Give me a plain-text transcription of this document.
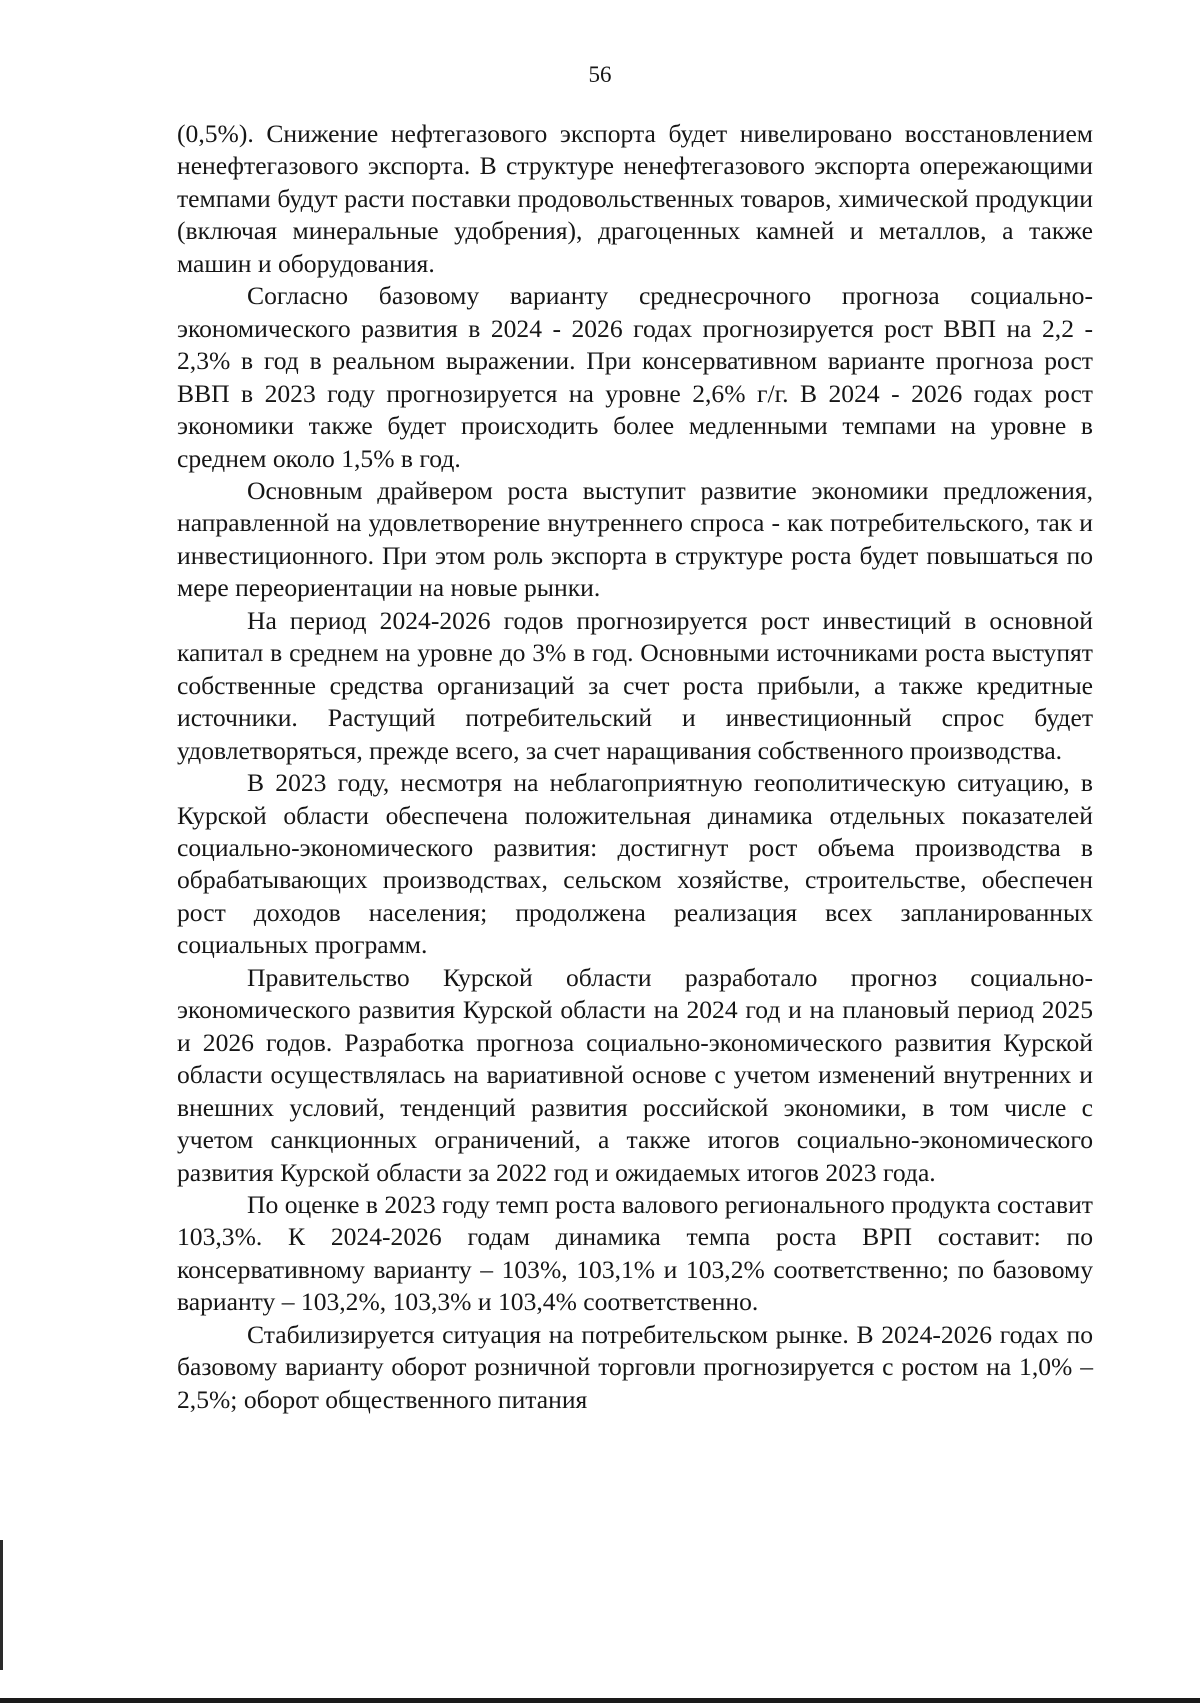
56

(0,5%). Снижение нефтегазового экспорта будет нивелировано восстановлением ненефтегазового экспорта. В структуре ненефтегазового экспорта опережающими темпами будут расти поставки продовольственных товаров, химической продукции (включая минеральные удобрения), драгоценных камней и металлов, а также машин и оборудования.

Согласно базовому варианту среднесрочного прогноза социально-экономического развития в 2024 - 2026 годах прогнозируется рост ВВП на 2,2 - 2,3% в год в реальном выражении. При консервативном варианте прогноза рост ВВП в 2023 году прогнозируется на уровне 2,6% г/г. В 2024 - 2026 годах рост экономики также будет происходить более медленными темпами на уровне в среднем около 1,5% в год.

Основным драйвером роста выступит развитие экономики предложения, направленной на удовлетворение внутреннего спроса - как потребительского, так и инвестиционного. При этом роль экспорта в структуре роста будет повышаться по мере переориентации на новые рынки.

На период 2024-2026 годов прогнозируется рост инвестиций в основной капитал в среднем на уровне до 3% в год. Основными источниками роста выступят собственные средства организаций за счет роста прибыли, а также кредитные источники. Растущий потребительский и инвестиционный спрос будет удовлетворяться, прежде всего, за счет наращивания собственного производства.

В 2023 году, несмотря на неблагоприятную геополитическую ситуацию, в Курской области обеспечена положительная динамика отдельных показателей социально-экономического развития: достигнут рост объема производства в обрабатывающих производствах, сельском хозяйстве, строительстве, обеспечен рост доходов населения; продолжена реализация всех запланированных социальных программ.

Правительство Курской области разработало прогноз социально-экономического развития Курской области на 2024 год и на плановый период 2025 и 2026 годов. Разработка прогноза социально-экономического развития Курской области осуществлялась на вариативной основе с учетом изменений внутренних и внешних условий, тенденций развития российской экономики, в том числе с учетом санкционных ограничений, а также итогов социально-экономического развития Курской области за 2022 год и ожидаемых итогов 2023 года.

По оценке в 2023 году темп роста валового регионального продукта составит 103,3%. К 2024-2026 годам динамика темпа роста ВРП составит: по консервативному варианту – 103%, 103,1% и 103,2% соответственно; по базовому варианту – 103,2%, 103,3% и 103,4% соответственно.

Стабилизируется ситуация на потребительском рынке. В 2024-2026 годах по базовому варианту оборот розничной торговли прогнозируется с ростом на 1,0% – 2,5%; оборот общественного питания
